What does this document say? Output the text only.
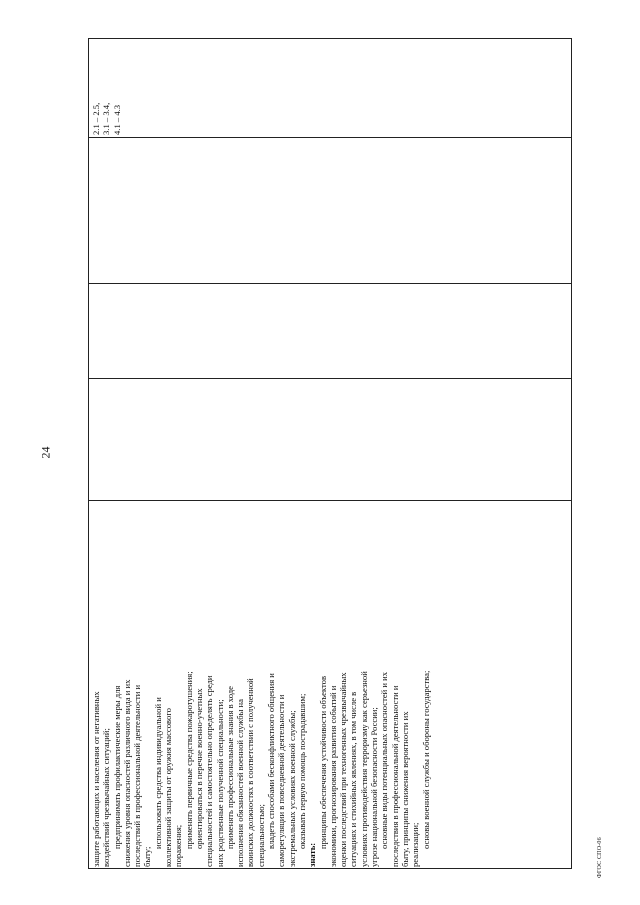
24
защите работающих и населения от негативных воздействий чрезвычайных ситуаций; предпринимать профилактические меры для снижения уровня опасностей различного вида и их последствий в профессиональной деятельности и быту;
использовать средства индивидуальной и коллективной защиты от оружия массового поражения; применять первичные средства пожаротушения; ориентироваться в перечне военно-учетных специальностей и самостоятельно определять среди них родственные полученной специальности; применять профессиональные знания в ходе исполнения обязанностей военной службы на воинских должностях в соответствии с полученной специальностью; владеть способами бесконфликтного общения и саморегуляции в повседневной деятельности и экстремальных условиях военной службы; оказывать первую помощь пострадавшим;
знать:
принципы обеспечения устойчивости объектов экономики, прогнозирования развития событий и оценки последствий при техногенных чрезвычайных ситуациях и стихийных явлениях, в том числе в условиях противодействия терроризму как серьезной угрозе национальной безопасности России; основные виды потенциальных опасностей и их последствия в профессиональной деятельности и быту, принципы снижения вероятности их реализации; основы военной службы и обороны государства;
2.1 – 2.5, 3.1 – 3.4, 4.1 – 4.3
ФГОС СПО-06
